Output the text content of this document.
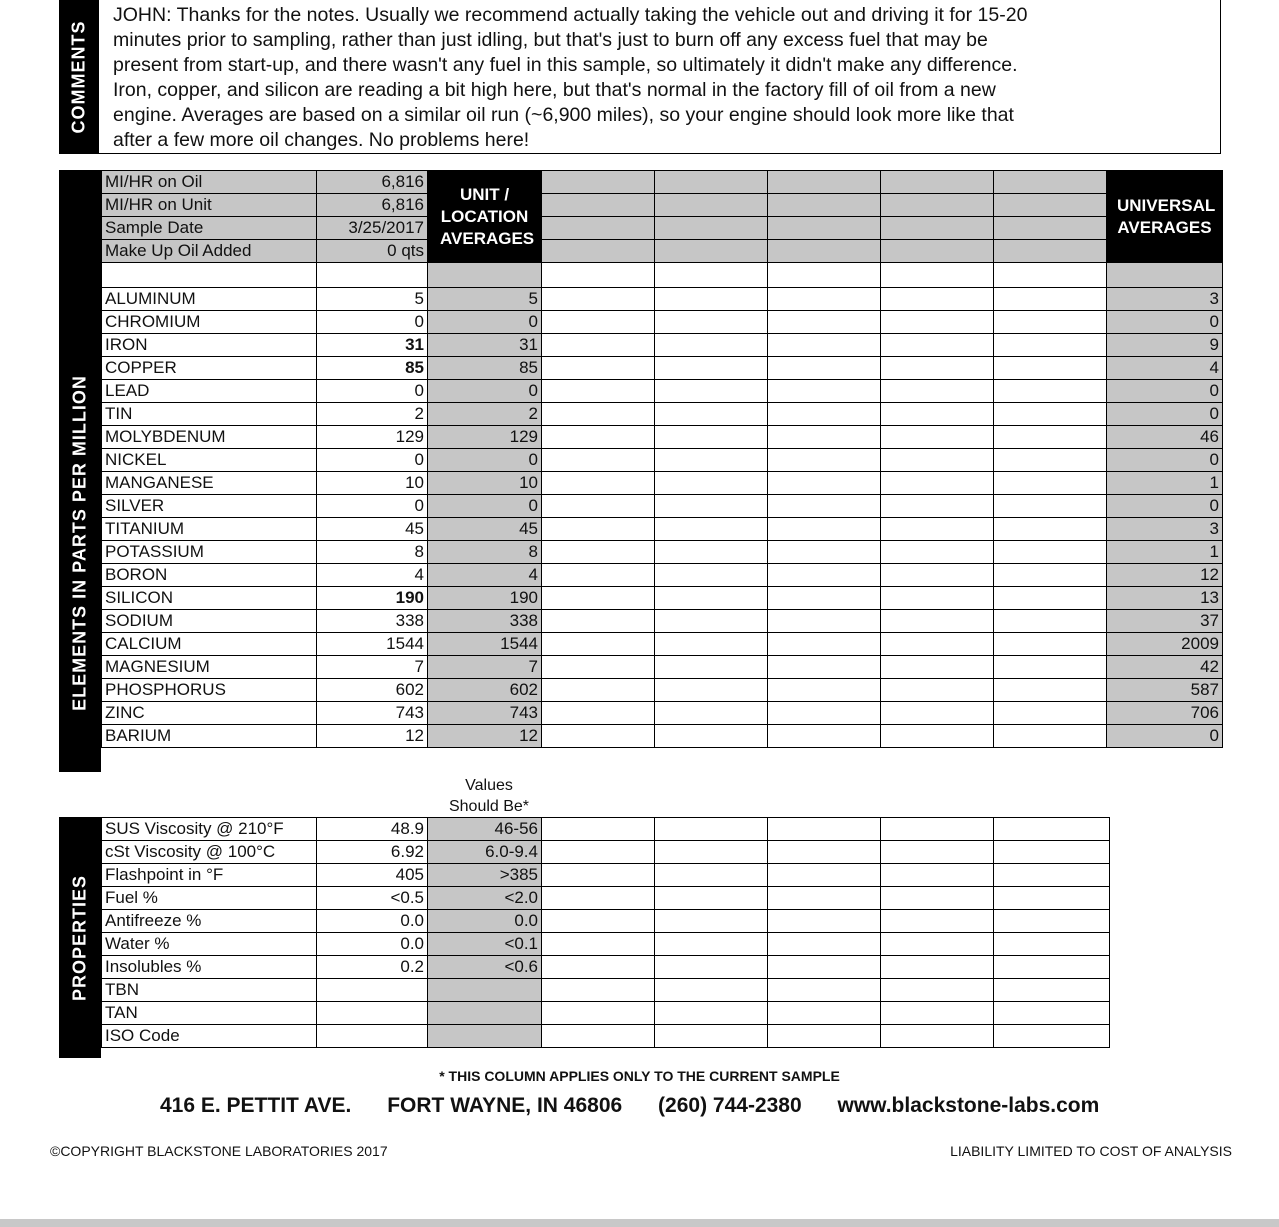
COMMENTS
JOHN: Thanks for the notes. Usually we recommend actually taking the vehicle out and driving it for 15-20
minutes prior to sampling, rather than just idling, but that's just to burn off any excess fuel that may be
present from start-up, and there wasn't any fuel in this sample, so ultimately it didn't make any difference.
Iron, copper, and silicon are reading a bit high here, but that's normal in the factory fill of oil from a new
engine. Averages are based on a similar oil run (~6,900 miles), so your engine should look more like that
after a few more oil changes. No problems here!
ELEMENTS IN PARTS PER MILLION
MI/HR on Oil	6,816	UNIT / LOCATION AVERAGES						UNIVERSAL AVERAGES
MI/HR on Unit	6,816							
Sample Date	3/25/2017							
Make Up Oil Added	0 qts							

ALUMINUM	5	5						3
CHROMIUM	0	0						0
IRON	31	31						9
COPPER	85	85						4
LEAD	0	0						0
TIN	2	2						0
MOLYBDENUM	129	129						46
NICKEL	0	0						0
MANGANESE	10	10						1
SILVER	0	0						0
TITANIUM	45	45						3
POTASSIUM	8	8						1
BORON	4	4						12
SILICON	190	190						13
SODIUM	338	338						37
CALCIUM	1544	1544						2009
MAGNESIUM	7	7						42
PHOSPHORUS	602	602						587
ZINC	743	743						706
BARIUM	12	12						0
Values Should Be*
PROPERTIES
SUS Viscosity @ 210°F	48.9	46-56					
cSt Viscosity @ 100°C	6.92	6.0-9.4					
Flashpoint in °F	405	>385					
Fuel %	<0.5	<2.0					
Antifreeze %	0.0	0.0					
Water %	0.0	<0.1					
Insolubles %	0.2	<0.6					
TBN							
TAN							
ISO Code							
* THIS COLUMN APPLIES ONLY TO THE CURRENT SAMPLE
416 E. PETTIT AVE. FORT WAYNE, IN 46806 (260) 744-2380 www.blackstone-labs.com
©COPYRIGHT BLACKSTONE LABORATORIES 2017	LIABILITY LIMITED TO COST OF ANALYSIS
